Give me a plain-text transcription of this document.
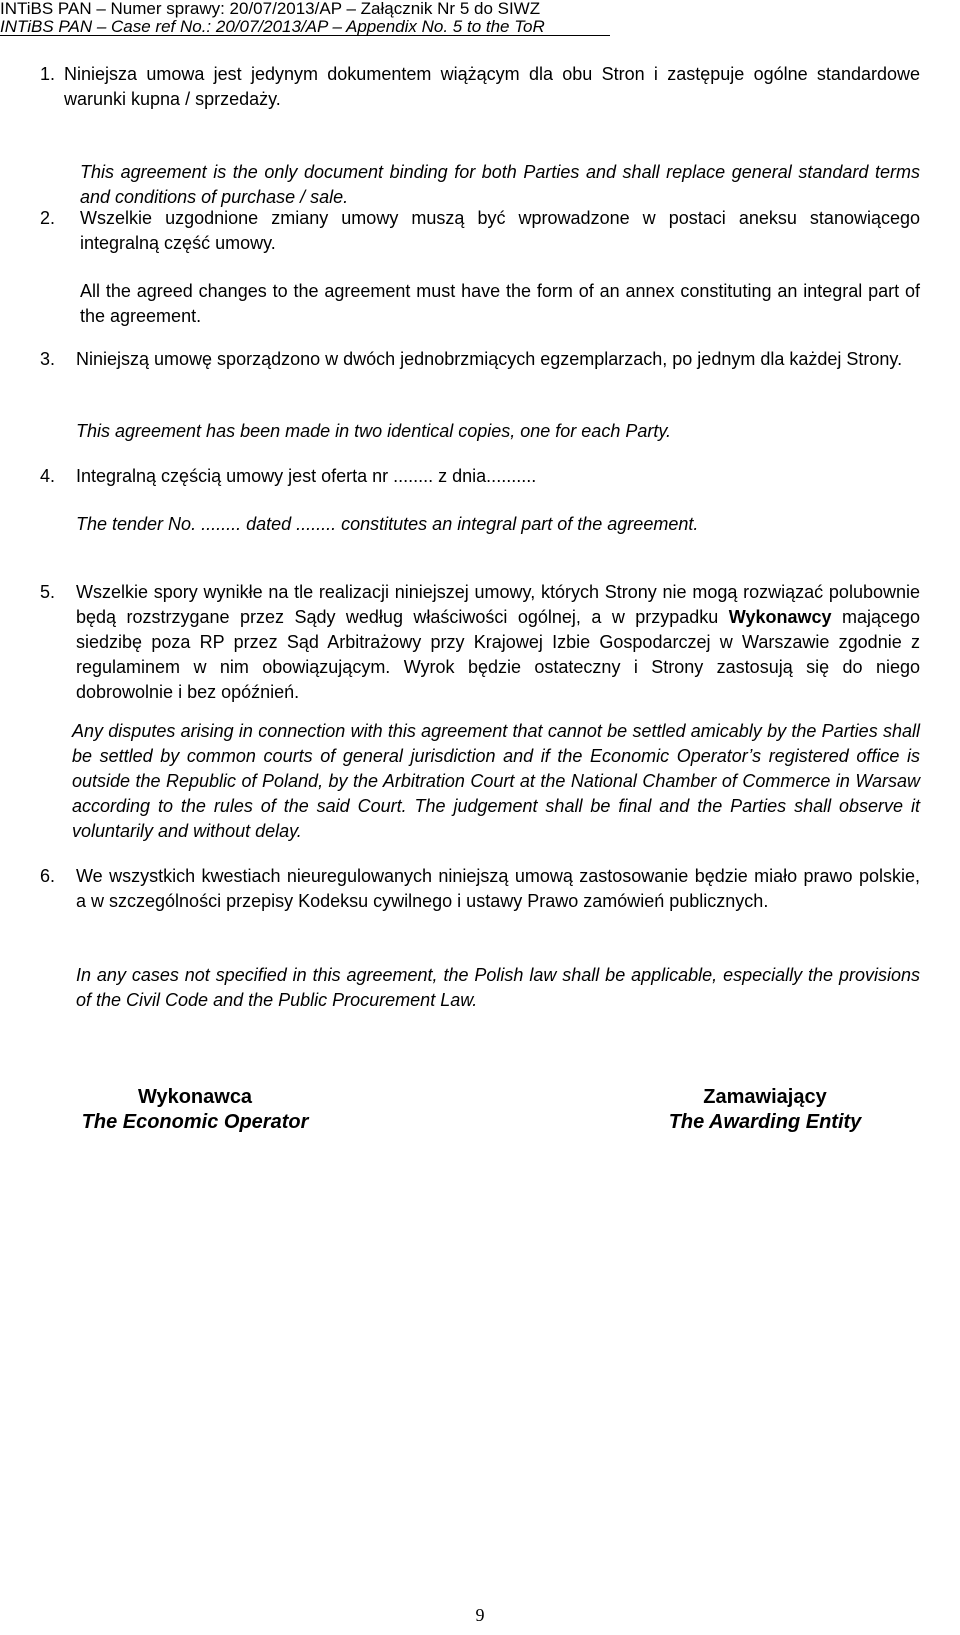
INTiBS PAN – Numer sprawy: 20/07/2013/AP – Załącznik Nr 5 do SIWZ
INTiBS PAN – Case ref No.: 20/07/2013/AP – Appendix No. 5 to the ToR
1. Niniejsza umowa jest jedynym dokumentem wiążącym dla obu Stron i zastępuje ogólne standardowe warunki kupna / sprzedaży.

This agreement is the only document binding for both Parties and shall replace general standard terms and conditions of purchase / sale.

2. Wszelkie uzgodnione zmiany umowy muszą być wprowadzone w postaci aneksu stanowiącego integralną część umowy.

All the agreed changes to the agreement must have the form of an annex constituting an integral part of the agreement.

3. Niniejszą umowę sporządzono w dwóch jednobrzmiących egzemplarzach, po jednym dla każdej Strony.

This agreement has been made in two identical copies, one for each Party.

4. Integralną częścią umowy jest oferta nr ........ z dnia..........

The tender No. ........ dated ........ constitutes an integral part of the agreement.

5. Wszelkie spory wynikłe na tle realizacji niniejszej umowy, których Strony nie mogą rozwiązać polubownie będą rozstrzygane przez Sądy według właściwości ogólnej, a w przypadku Wykonawcy mającego siedzibę poza RP przez Sąd Arbitrażowy przy Krajowej Izbie Gospodarczej w Warszawie zgodnie z regulaminem w nim obowiązującym. Wyrok będzie ostateczny i Strony zastosują się do niego dobrowolnie i bez opóźnień.

Any disputes arising in connection with this agreement that cannot be settled amicably by the Parties shall be settled by common courts of general jurisdiction and if the Economic Operator’s registered office is outside the Republic of Poland, by the Arbitration Court at the National Chamber of Commerce in Warsaw according to the rules of the said Court. The judgement shall be final and the Parties shall observe it voluntarily and without delay.

6. We wszystkich kwestiach nieuregulowanych niniejszą umową zastosowanie będzie miało prawo polskie, a w szczególności przepisy Kodeksu cywilnego i ustawy Prawo zamówień publicznych.

In any cases not specified in this agreement, the Polish law shall be applicable, especially the provisions of the Civil Code and the Public Procurement Law.

Wykonawca
The Economic Operator
Zamawiający
The Awarding Entity
9
